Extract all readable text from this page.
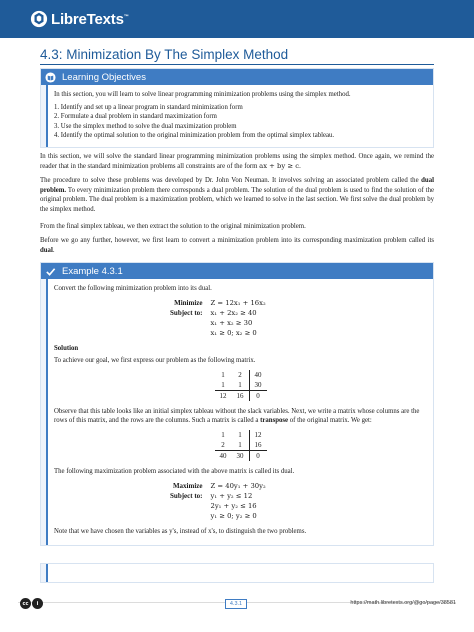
LibreTexts™
4.3: Minimization By The Simplex Method
Learning Objectives

In this section, you will learn to solve linear programming minimization problems using the simplex method.

1. Identify and set up a linear program in standard minimization form
2. Formulate a dual problem in standard maximization form
3. Use the simplex method to solve the dual maximization problem
4. Identify the optimal solution to the original minimization problem from the optimal simplex tableau.
In this section, we will solve the standard linear programming minimization problems using the simplex method. Once again, we remind the reader that in the standard minimization problems all constraints are of the form ax + by ≥ c.
The procedure to solve these problems was developed by Dr. John Von Neuman. It involves solving an associated problem called the dual problem. To every minimization problem there corresponds a dual problem. The solution of the dual problem is used to find the solution of the original problem. The dual problem is a maximization problem, which we learned to solve in the last section. We first solve the dual problem by the simplex method.
From the final simplex tableau, we then extract the solution to the original minimization problem.
Before we go any further, however, we first learn to convert a minimization problem into its corresponding maximization problem called its dual.
Example 4.3.1

Convert the following minimization problem into its dual.

Minimize	Z = 12x₁ + 16x₂
Subject to:	x₁ + 2x₂ ≥ 40
x₁ + x₂ ≥ 30
x₁ ≥ 0; x₂ ≥ 0

Solution

To achieve our goal, we first express our problem as the following matrix.

1	2	40
1	1	30
12	16	0

Observe that this table looks like an initial simplex tableau without the slack variables. Next, we write a matrix whose columns are the rows of this matrix, and the rows are the columns. Such a matrix is called a transpose of the original matrix. We get:

1	1	12
2	1	16
40	30	0

The following maximization problem associated with the above matrix is called its dual.

Maximize	Z = 40y₁ + 30y₂
Subject to:	y₁ + y₂ ≤ 12
2y₁ + y₂ ≤ 16
y₁ ≥ 0; y₂ ≥ 0

Note that we have chosen the variables as y's, instead of x's, to distinguish the two problems.

cc	i	4.3.1	https://math.libretexts.org/@go/page/38581
